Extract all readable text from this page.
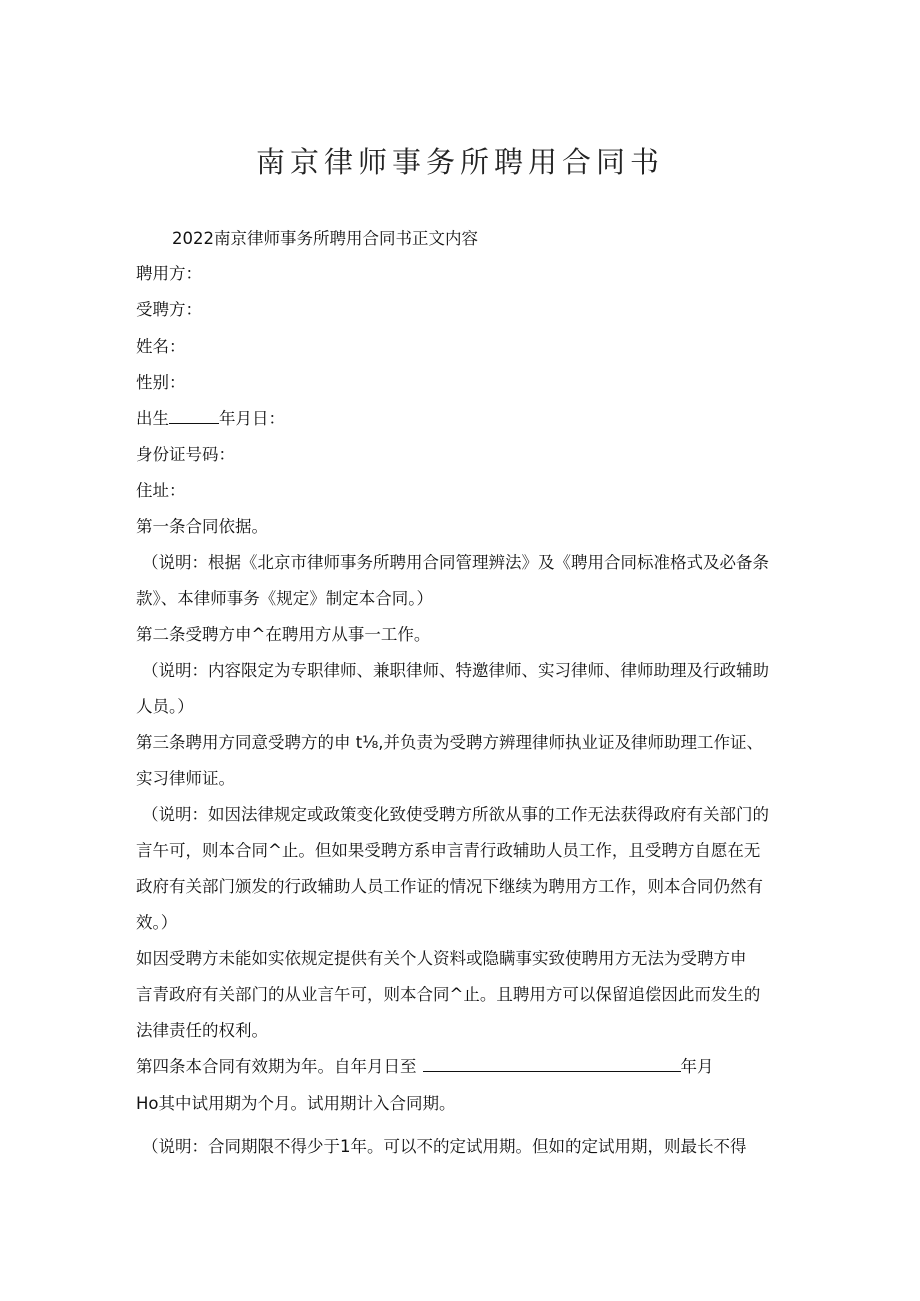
南京律师事务所聘用合同书

2022南京律师事务所聘用合同书正文内容

聘用方：

受聘方：

姓名：

性别：

出生	年月日：

身份证号码：

住址：

第一条合同依据。

（说明：根据《北京市律师事务所聘用合同管理辨法》及《聘用合同标准格式及必备条

款》、本律师事务《规定》制定本合同。）

第二条受聘方申^在聘用方从事一工作。

（说明：内容限定为专职律师、兼职律师、特邀律师、实习律师、律师助理及行政辅助

人员。）

第三条聘用方同意受聘方的申 t⅛,并负责为受聘方辨理律师执业证及律师助理工作证、

实习律师证。

（说明：如因法律规定或政策变化致使受聘方所欲从事的工作无法获得政府有关部门的

言午可，则本合同^止。但如果受聘方系申言青行政辅助人员工作，且受聘方自愿在无

政府有关部门颁发的行政辅助人员工作证的情况下继续为聘用方工作，则本合同仍然有

效。）

如因受聘方未能如实依规定提供有关个人资料或隐瞒事实致使聘用方无法为受聘方申

言青政府有关部门的从业言午可，则本合同^止。且聘用方可以保留追偿因此而发生的

法律责任的权利。

第四条本合同有效期为年。自年月日至	年月

Ho其中试用期为个月。试用期计入合同期。

（说明：合同期限不得少于1年。可以不的定试用期。但如的定试用期，则最长不得
